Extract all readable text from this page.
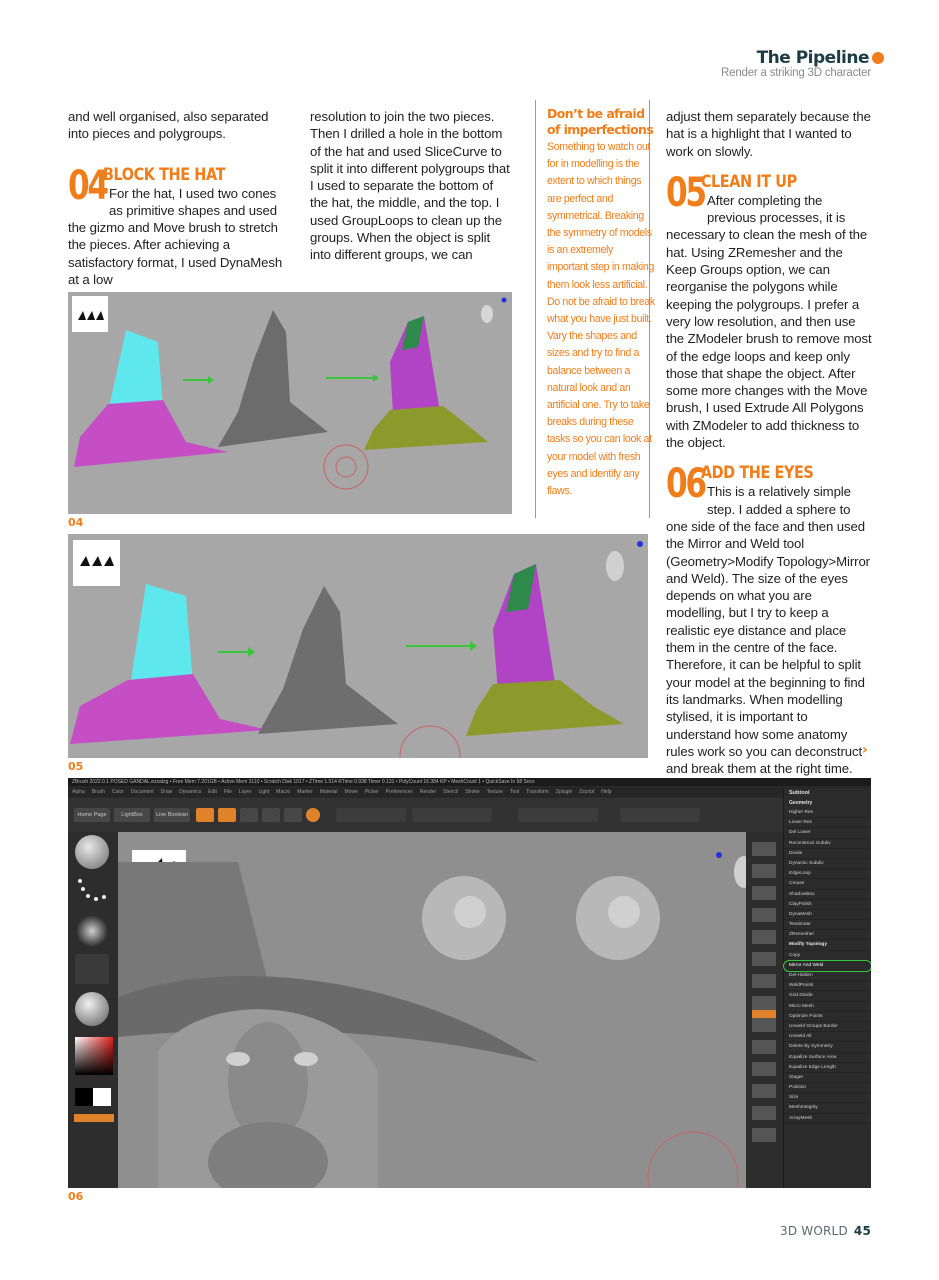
The Pipeline
Render a striking 3D character

and well organised, also separated into pieces and polygroups.

04
BLOCK THE HAT
For the hat, I used two cones as primitive shapes and used the gizmo and Move brush to stretch the pieces. After achieving a satisfactory format, I used DynaMesh at a low

resolution to join the two pieces. Then I drilled a hole in the bottom of the hat and used SliceCurve to split it into different polygroups that I used to separate the bottom of the hat, the middle, and the top. I used GroupLoops to clean up the groups. When the object is split into different groups, we can

Don’t be afraid of imperfections
Something to watch out for in modelling is the extent to which things are perfect and symmetrical. Breaking the symmetry of models is an extremely important step in making them look less artificial. Do not be afraid to break what you have just built. Vary the shapes and sizes and try to find a balance between a natural look and an artificial one. Try to take breaks during these tasks so you can look at your model with fresh eyes and identify any flaws.

adjust them separately because the hat is a highlight that I wanted to work on slowly.

05
CLEAN IT UP
After completing the previous processes, it is necessary to clean the mesh of the hat. Using ZRemesher and the Keep Groups option, we can reorganise the polygons while keeping the polygroups. I prefer a very low resolution, and then use the ZModeler brush to remove most of the edge loops and keep only those that shape the object. After some more changes with the Move brush, I used Extrude All Polygons with ZModeler to add thickness to the object.
06
ADD THE EYES
This is a relatively simple step. I added a sphere to one side of the face and then used the Mirror and Weld tool (Geometry>Modify Topology>Mirror and Weld). The size of the eyes depends on what you are modelling, but I try to keep a realistic eye distance and place them in the centre of the face. Therefore, it can be helpful to split your model at the beginning to find its landmarks. When modelling stylised, it is important to understand how some anatomy rules work so you can deconstruct and break them at the right time.
›
04
05
ZBrush 2022.0.1 POSED GANDAL.ezsatzg • Free Mem 7.201GB • Active Mem 3110 • Scratch Disk 1017 • ZTime 1.514 RTime 0.938 Timer 0.131 • PolyCount 16.384 KP • MeshCount 1 • QuickSave In 58 Secs
Alpha Brush Color Document Draw Dynamics Edit File Layer Light Macro Marker Material Movie Picker Preferences Render Stencil Stroke Texture Tool Transform Zplugin Zscript Help
Home Page	LightBox	Live Boolean
Subtool
Geometry
Higher Res
Lower Res
Del Lower
Reconstruct Subdiv
Divide
Dynamic Subdiv
EdgeLoop
Crease
ShadowBox
ClayPolish
DynaMesh
Tessimate
ZRemesher
Modify Topology
Copy
Mirror And Weld
Del Hidden
WeldPoints
Grid Divide
Micro Mesh
Optimize Points
Unweld Groups Border
Unweld All
Delete By Symmetry
Equalize Surface Area
Equalize Edge Length
Stager
Position
Size
MeshIntegrity
ArrayMesh
06
3D WORLD 45
